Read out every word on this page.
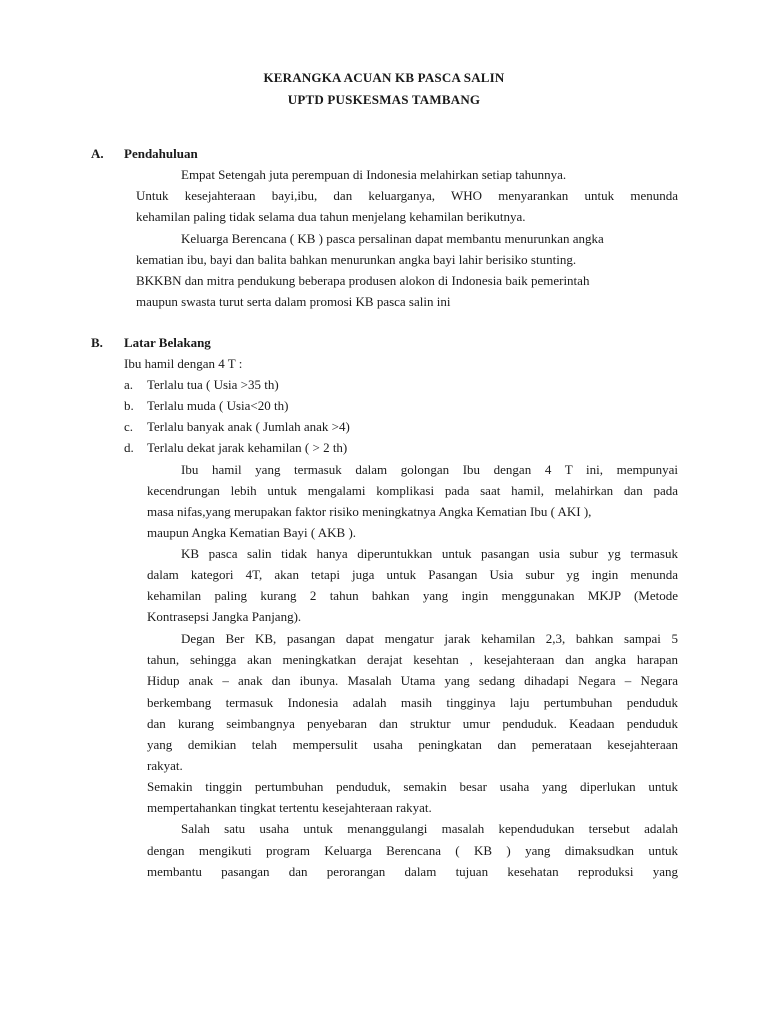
KERANGKA ACUAN KB PASCA SALIN
UPTD PUSKESMAS TAMBANG
A. Pendahuluan
Empat Setengah juta perempuan di Indonesia melahirkan setiap tahunnya.
Untuk kesejahteraan bayi,ibu, dan keluarganya, WHO menyarankan untuk menunda
kehamilan paling tidak selama dua tahun menjelang kehamilan berikutnya.
Keluarga Berencana ( KB ) pasca persalinan dapat membantu menurunkan angka
kematian ibu, bayi dan balita bahkan menurunkan angka bayi lahir berisiko stunting.
BKKBN dan mitra pendukung beberapa produsen alokon di Indonesia baik pemerintah
maupun swasta turut serta dalam promosi KB pasca salin ini
B. Latar Belakang
Ibu hamil dengan 4 T :
a. Terlalu tua ( Usia >35 th)
b. Terlalu muda ( Usia<20 th)
c. Terlalu banyak anak ( Jumlah anak >4)
d. Terlalu dekat jarak kehamilan ( > 2 th)
Ibu hamil yang termasuk dalam golongan Ibu dengan 4 T ini, mempunyai
kecendrungan lebih untuk mengalami komplikasi pada saat hamil, melahirkan dan pada
masa nifas,yang merupakan faktor risiko meningkatnya Angka Kematian Ibu ( AKI ),
maupun Angka Kematian Bayi ( AKB ).
KB pasca salin tidak hanya diperuntukkan untuk pasangan usia subur yg termasuk
dalam kategori 4T, akan tetapi juga untuk Pasangan Usia subur yg ingin menunda
kehamilan paling kurang 2 tahun bahkan yang ingin menggunakan MKJP (Metode
Kontrasepsi Jangka Panjang).
Degan Ber KB, pasangan dapat mengatur jarak kehamilan 2,3, bahkan sampai 5
tahun, sehingga akan meningkatkan derajat kesehtan , kesejahteraan dan angka harapan
Hidup anak – anak dan ibunya. Masalah Utama yang sedang dihadapi Negara – Negara
berkembang termasuk Indonesia adalah masih tingginya laju pertumbuhan penduduk
dan kurang seimbangnya penyebaran dan struktur umur penduduk. Keadaan penduduk
yang demikian telah mempersulit usaha peningkatan dan pemerataan kesejahteraan
rakyat.
Semakin tinggin pertumbuhan penduduk, semakin besar usaha yang diperlukan untuk
mempertahankan tingkat tertentu kesejahteraan rakyat.
Salah satu usaha untuk menanggulangi masalah kependudukan tersebut adalah
dengan mengikuti program Keluarga Berencana ( KB ) yang dimaksudkan untuk
membantu pasangan dan perorangan dalam tujuan kesehatan reproduksi yang
